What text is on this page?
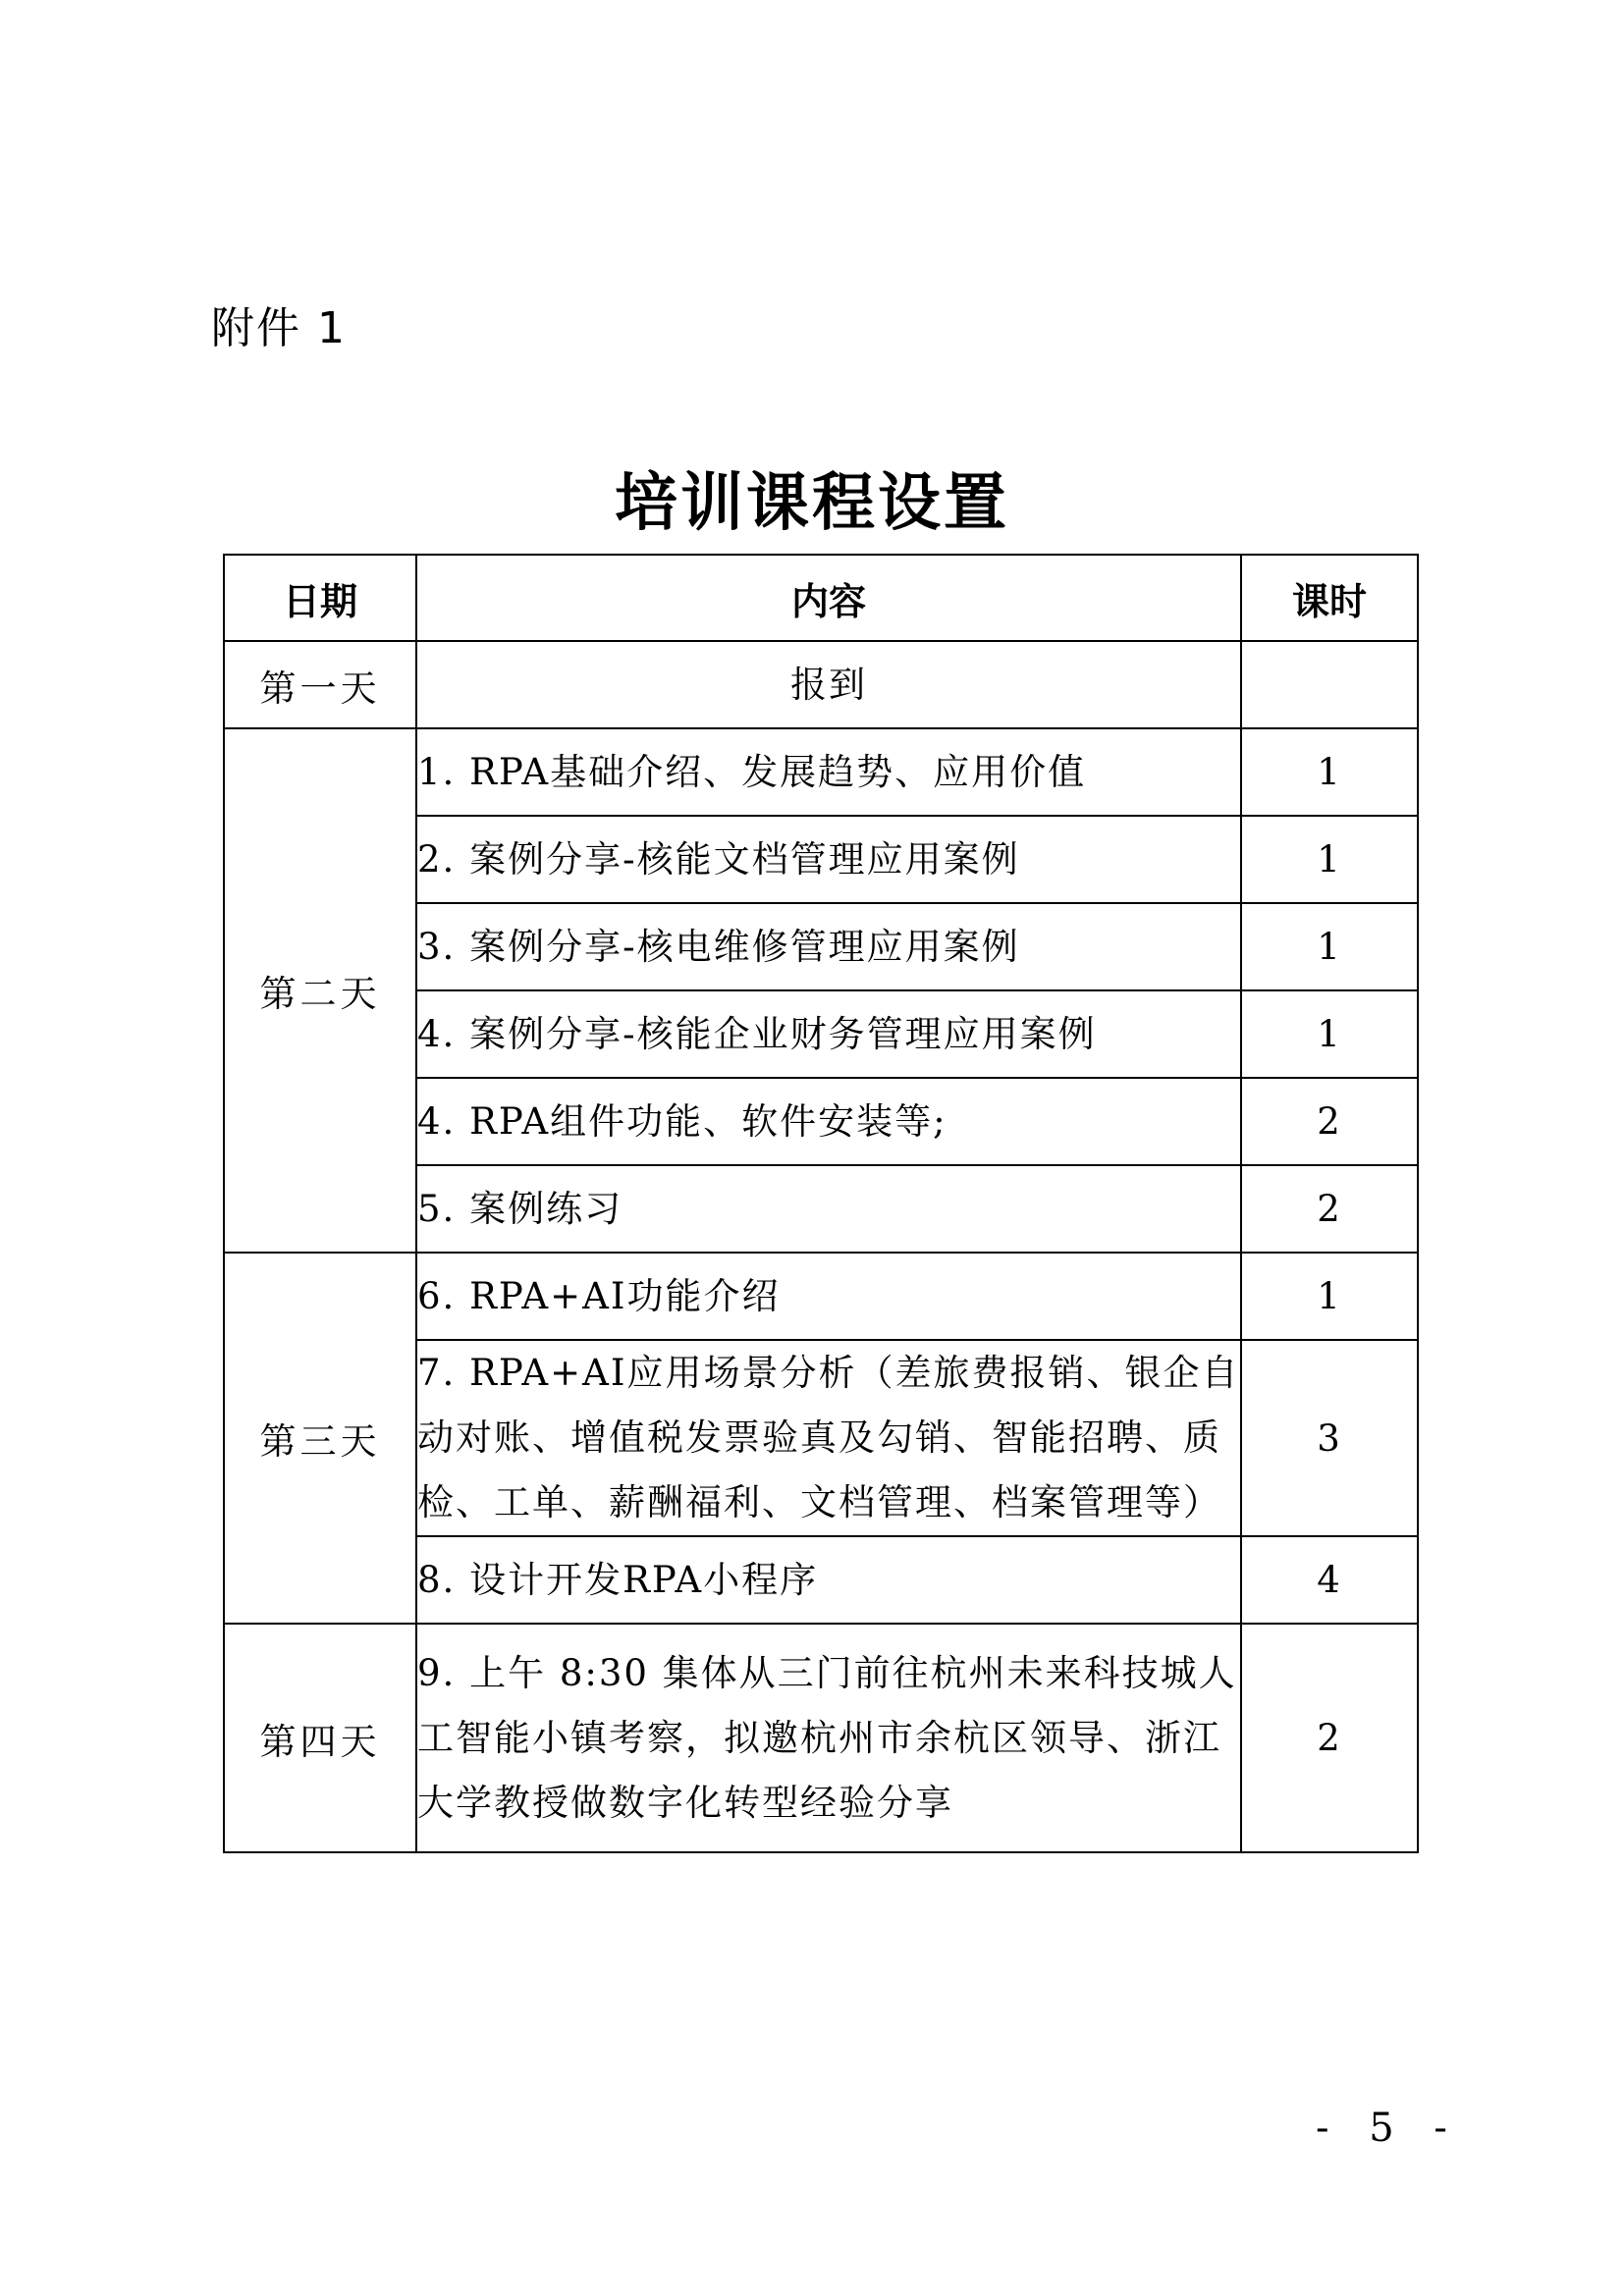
附件 1
培训课程设置
日期	内容	课时
第一天	报到	
第二天	1. RPA基础介绍、发展趋势、应用价值	1
	2. 案例分享-核能文档管理应用案例	1
	3. 案例分享-核电维修管理应用案例	1
	4. 案例分享-核能企业财务管理应用案例	1
	4. RPA组件功能、软件安装等;	2
	5. 案例练习	2
第三天	6. RPA+AI功能介绍	1
	7. RPA+AI应用场景分析（差旅费报销、银企自动对账、增值税发票验真及勾销、智能招聘、质检、工单、薪酬福利、文档管理、档案管理等）	3
	8. 设计开发RPA小程序	4
第四天	9. 上午 8:30 集体从三门前往杭州未来科技城人工智能小镇考察，拟邀杭州市余杭区领导、浙江大学教授做数字化转型经验分享	2
- 5 -
